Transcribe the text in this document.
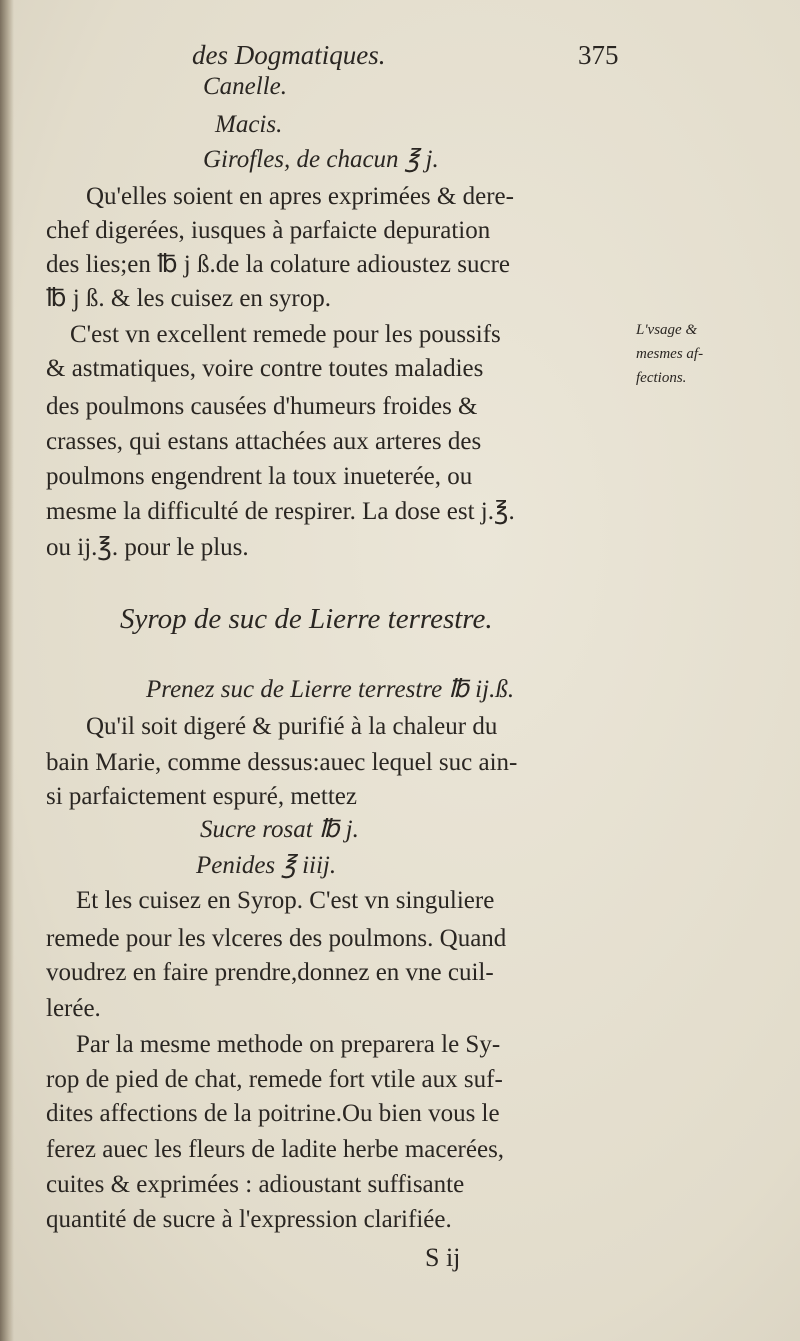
des Dogmatiques.	375
Canelle.
Macis.
Girofles, de chacun ℥ j.
Qu'elles soient en apres exprimées & dere-
chef digerées, iusques à parfaicte depuration
des lies;en ℔ j ß.de la colature adioustez sucre
℔ j ß. & les cuisez en syrop.
C'est vn excellent remede pour les poussifs
& astmatiques, voire contre toutes maladies
des poulmons causées d'humeurs froides &
crasses, qui estans attachées aux arteres des
poulmons engendrent la toux inueterée, ou
mesme la difficulté de respirer. La dose est j.℥.
ou ij.℥. pour le plus.
L'vsage &
mesmes af-
fections.
Syrop de suc de Lierre terrestre.
Prenez suc de Lierre terrestre ℔ ij.ß.
Qu'il soit digeré & purifié à la chaleur du
bain Marie, comme dessus:auec lequel suc ain-
si parfaictement espuré, mettez
Sucre rosat ℔ j.
Penides ℥ iiij.
Et les cuisez en Syrop. C'est vn singuliere
remede pour les vlceres des poulmons. Quand
voudrez en faire prendre,donnez en vne cuil-
lerée.
Par la mesme methode on preparera le Sy-
rop de pied de chat, remede fort vtile aux suf-
dites affections de la poitrine.Ou bien vous le
ferez auec les fleurs de ladite herbe macerées,
cuites & exprimées : adioustant suffisante
quantité de sucre à l'expression clarifiée.
S ij
